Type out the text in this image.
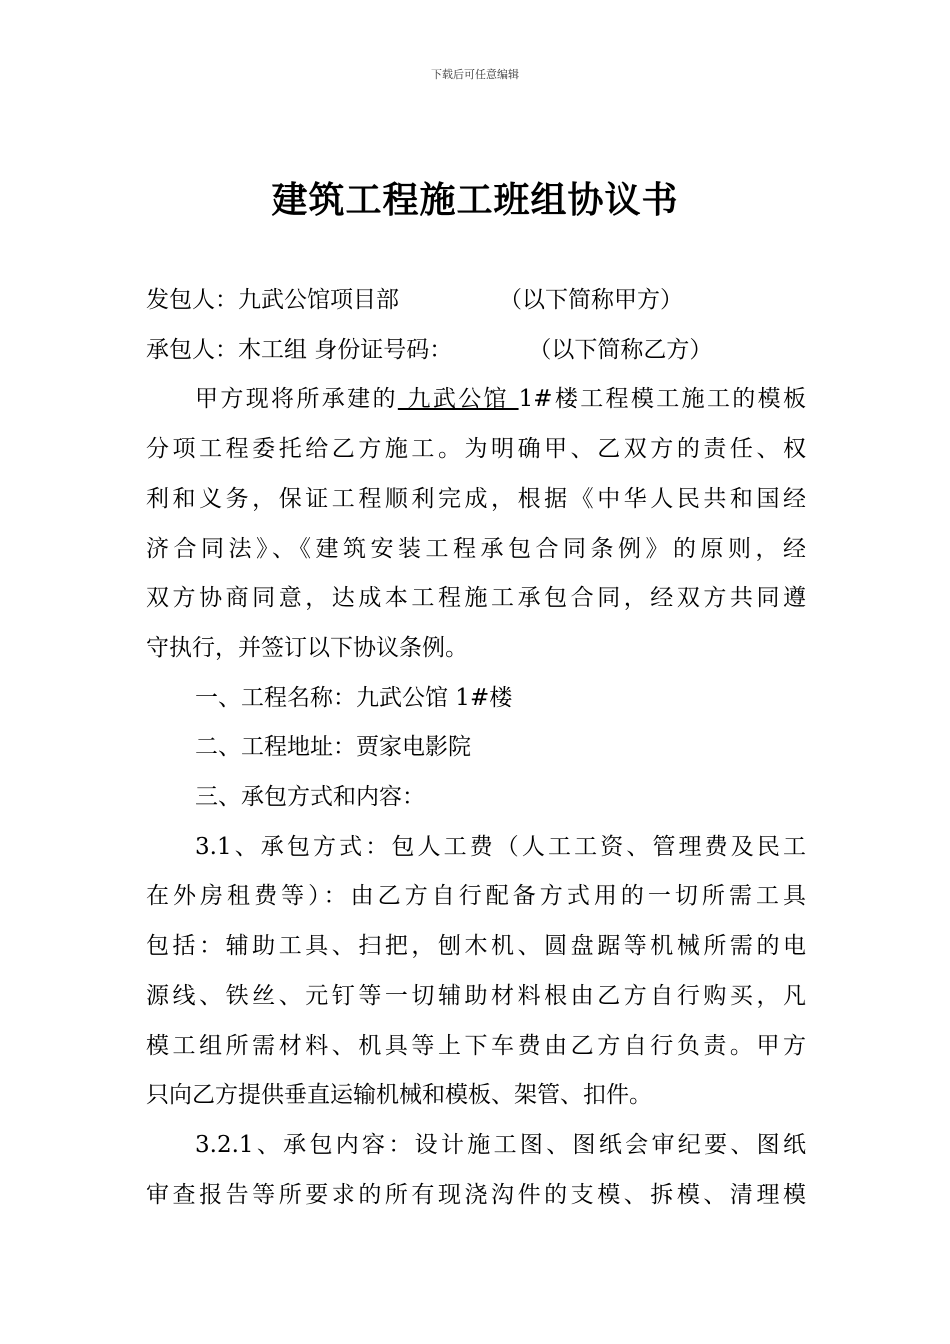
下载后可任意编辑
建筑工程施工班组协议书
发包人：九武公馆项目部	（以下简称甲方）
承包人：木工组 身份证号码：	（以下简称乙方）
甲方现将所承建的 九武公馆 1#楼工程模工施工的模板
分项工程委托给乙方施工。为明确甲、乙双方的责任、权
利和义务，保证工程顺利完成，根据《中华人民共和国经
济合同法》、《建筑安装工程承包合同条例》的原则，经
双方协商同意，达成本工程施工承包合同，经双方共同遵
守执行，并签订以下协议条例。
一、工程名称：九武公馆 1#楼
二、工程地址：贾家电影院
三、承包方式和内容：
3.1、承包方式：包人工费（人工工资、管理费及民工
在外房租费等）：由乙方自行配备方式用的一切所需工具
包括：辅助工具、扫把，刨木机、圆盘踞等机械所需的电
源线、铁丝、元钉等一切辅助材料根由乙方自行购买，凡
模工组所需材料、机具等上下车费由乙方自行负责。甲方
只向乙方提供垂直运输机械和模板、架管、扣件。
3.2.1、承包内容：设计施工图、图纸会审纪要、图纸
审查报告等所要求的所有现浇沟件的支模、拆模、清理模
